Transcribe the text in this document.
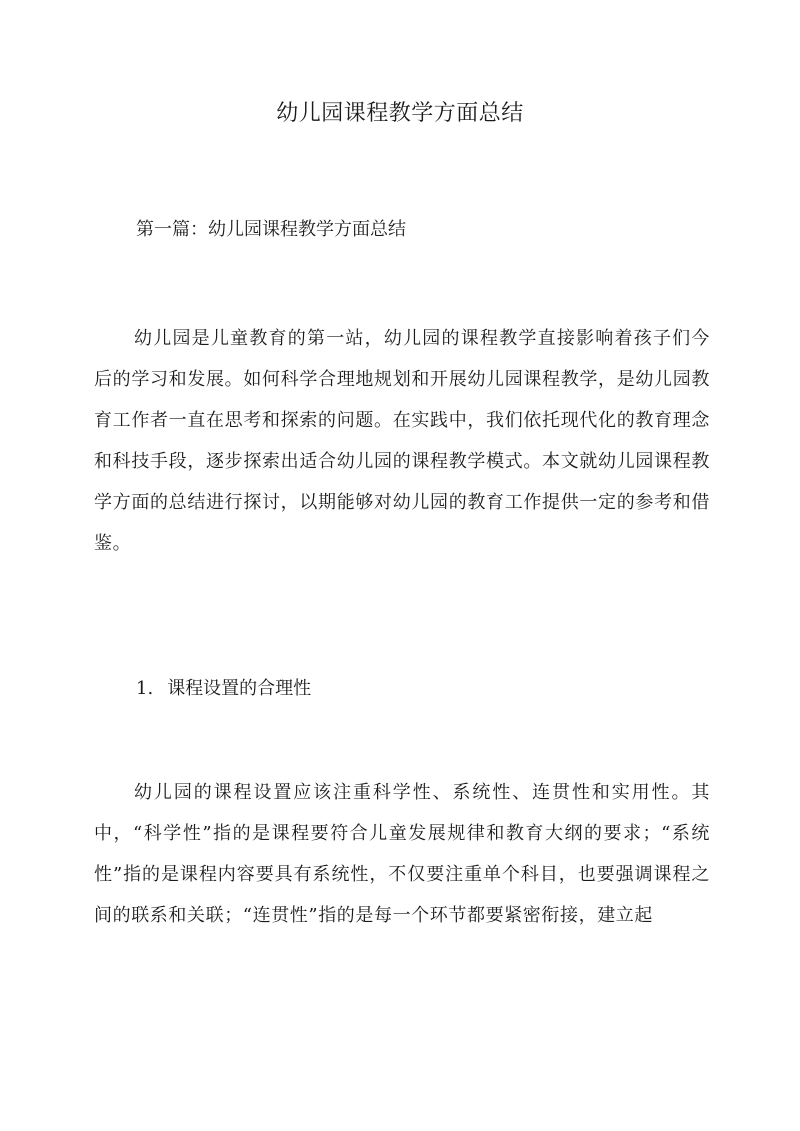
幼儿园课程教学方面总结
第一篇：幼儿园课程教学方面总结

幼儿园是儿童教育的第一站，幼儿园的课程教学直接影响着孩子们今后的学习和发展。如何科学合理地规划和开展幼儿园课程教学，是幼儿园教育工作者一直在思考和探索的问题。在实践中，我们依托现代化的教育理念和科技手段，逐步探索出适合幼儿园的课程教学模式。本文就幼儿园课程教学方面的总结进行探讨，以期能够对幼儿园的教育工作提供一定的参考和借鉴。

1. 课程设置的合理性

幼儿园的课程设置应该注重科学性、系统性、连贯性和实用性。其中，“科学性”指的是课程要符合儿童发展规律和教育大纲的要求；“系统性”指的是课程内容要具有系统性，不仅要注重单个科目，也要强调课程之间的联系和关联；“连贯性”指的是每一个环节都要紧密衔接，建立起
